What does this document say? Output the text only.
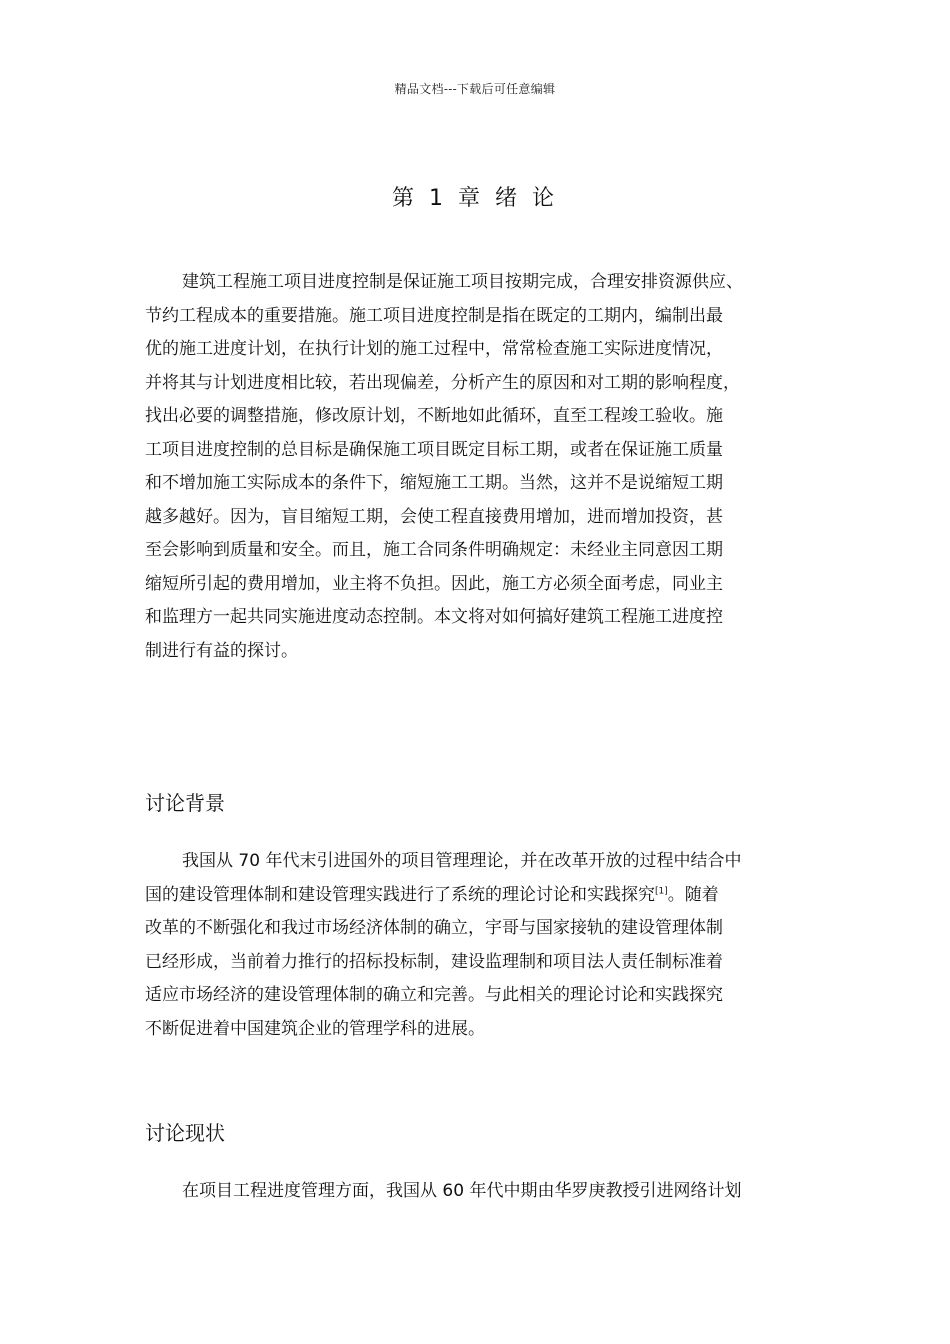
精品文档---下载后可任意编辑
第 1 章 绪 论

建筑工程施工项目进度控制是保证施工项目按期完成，合理安排资源供应、
节约工程成本的重要措施。施工项目进度控制是指在既定的工期内，编制出最
优的施工进度计划，在执行计划的施工过程中，常常检查施工实际进度情况，
并将其与计划进度相比较，若出现偏差，分析产生的原因和对工期的影响程度，
找出必要的调整措施，修改原计划，不断地如此循环，直至工程竣工验收。施
工项目进度控制的总目标是确保施工项目既定目标工期，或者在保证施工质量
和不增加施工实际成本的条件下，缩短施工工期。当然，这并不是说缩短工期
越多越好。因为，盲目缩短工期，会使工程直接费用增加，进而增加投资，甚
至会影响到质量和安全。而且，施工合同条件明确规定：未经业主同意因工期
缩短所引起的费用增加，业主将不负担。因此，施工方必须全面考虑，同业主
和监理方一起共同实施进度动态控制。本文将对如何搞好建筑工程施工进度控
制进行有益的探讨。

讨论背景

我国从 70 年代末引进国外的项目管理理论，并在改革开放的过程中结合中
国的建设管理体制和建设管理实践进行了系统的理论讨论和实践探究[1]。随着
改革的不断强化和我过市场经济体制的确立，宇哥与国家接轨的建设管理体制
已经形成，当前着力推行的招标投标制，建设监理制和项目法人责任制标准着
适应市场经济的建设管理体制的确立和完善。与此相关的理论讨论和实践探究
不断促进着中国建筑企业的管理学科的进展。

讨论现状

在项目工程进度管理方面，我国从 60 年代中期由华罗庚教授引进网络计划
